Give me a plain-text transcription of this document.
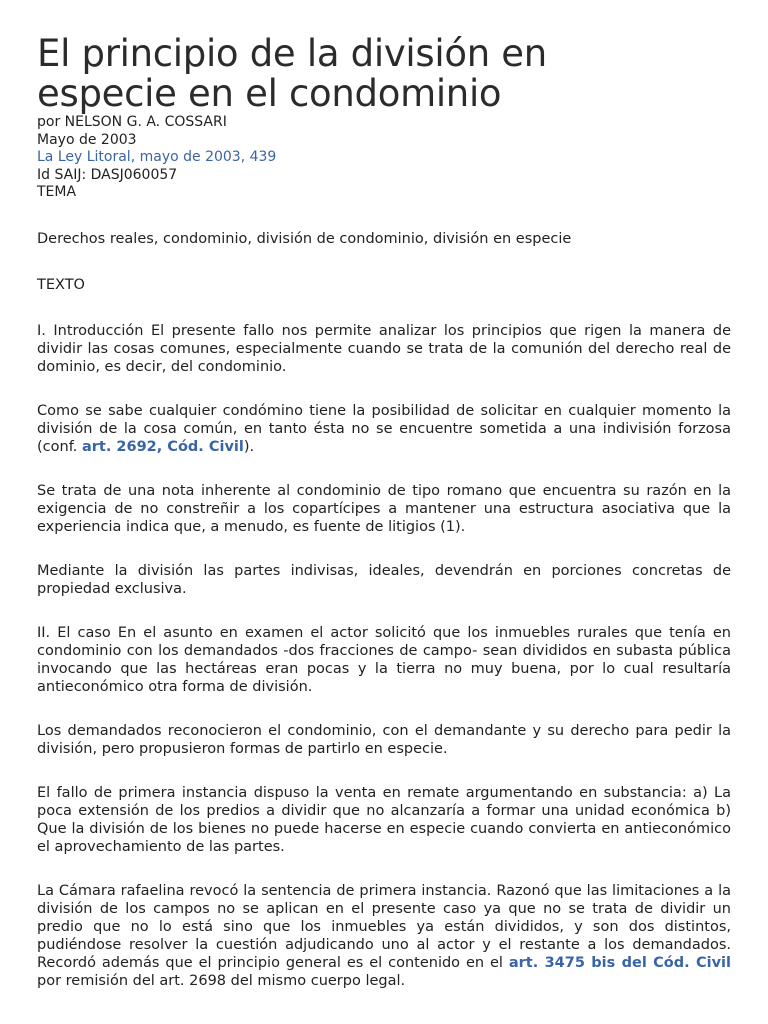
El principio de la división en especie en el condominio
por NELSON G. A. COSSARI
Mayo de 2003
La Ley Litoral, mayo de 2003, 439
Id SAIJ: DASJ060057
TEMA

Derechos reales, condominio, división de condominio, división en especie

TEXTO

I. Introducción El presente fallo nos permite analizar los principios que rigen la manera de dividir las cosas comunes, especialmente cuando se trata de la comunión del derecho real de dominio, es decir, del condominio.

Como se sabe cualquier condómino tiene la posibilidad de solicitar en cualquier momento la división de la cosa común, en tanto ésta no se encuentre sometida a una indivisión forzosa (conf. art. 2692, Cód. Civil).

Se trata de una nota inherente al condominio de tipo romano que encuentra su razón en la exigencia de no constreñir a los copartícipes a mantener una estructura asociativa que la experiencia indica que, a menudo, es fuente de litigios (1).

Mediante la división las partes indivisas, ideales, devendrán en porciones concretas de propiedad exclusiva.

II. El caso En el asunto en examen el actor solicitó que los inmuebles rurales que tenía en condominio con los demandados -dos fracciones de campo- sean divididos en subasta pública invocando que las hectáreas eran pocas y la tierra no muy buena, por lo cual resultaría antieconómico otra forma de división.

Los demandados reconocieron el condominio, con el demandante y su derecho para pedir la división, pero propusieron formas de partirlo en especie.

El fallo de primera instancia dispuso la venta en remate argumentando en substancia: a) La poca extensión de los predios a dividir que no alcanzaría a formar una unidad económica b) Que la división de los bienes no puede hacerse en especie cuando convierta en antieconómico el aprovechamiento de las partes.

La Cámara rafaelina revocó la sentencia de primera instancia. Razonó que las limitaciones a la división de los campos no se aplican en el presente caso ya que no se trata de dividir un predio que no lo está sino que los inmuebles ya están divididos, y son dos distintos, pudiéndose resolver la cuestión adjudicando uno al actor y el restante a los demandados. Recordó además que el principio general es el contenido en el art. 3475 bis del Cód. Civil por remisión del art. 2698 del mismo cuerpo legal.
